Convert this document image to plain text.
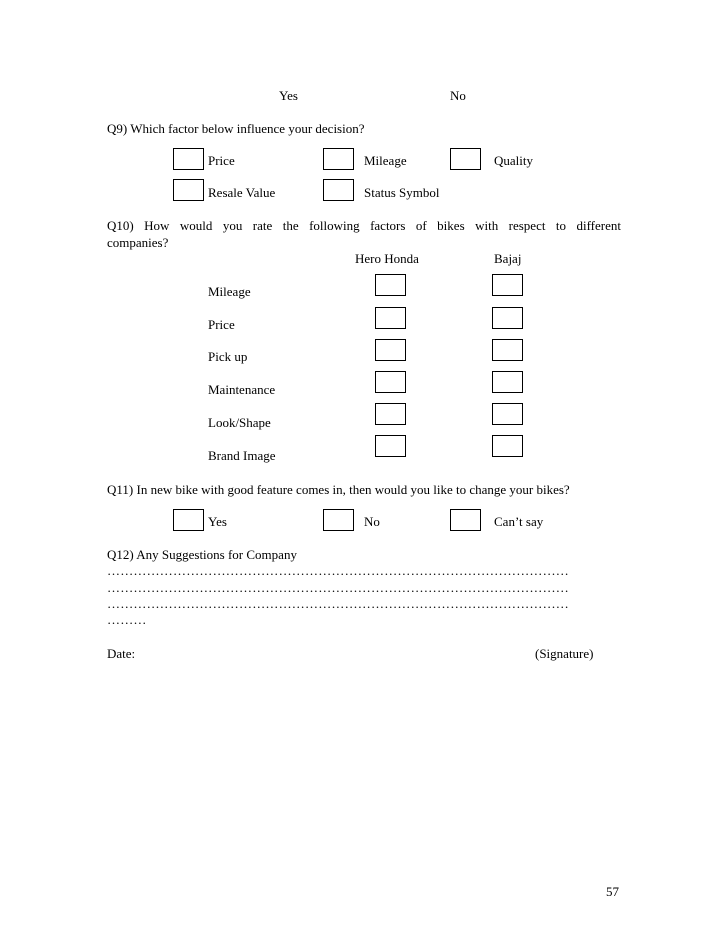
Yes	No
Q9) Which factor below influence your decision?
Price	Mileage	Quality
Resale Value	Status Symbol
Q10) How would you rate the following factors of bikes with respect to different
companies?
Hero Honda	Bajaj
Mileage
Price
Pick up
Maintenance
Look/Shape
Brand Image
Q11) In new bike with good feature comes in, then would you like to change your bikes?
Yes	No	Can’t say
Q12) Any Suggestions for Company
……………………………………………………………………………………………
……………………………………………………………………………………………
……………………………………………………………………………………………
………
Date:	(Signature)
57
